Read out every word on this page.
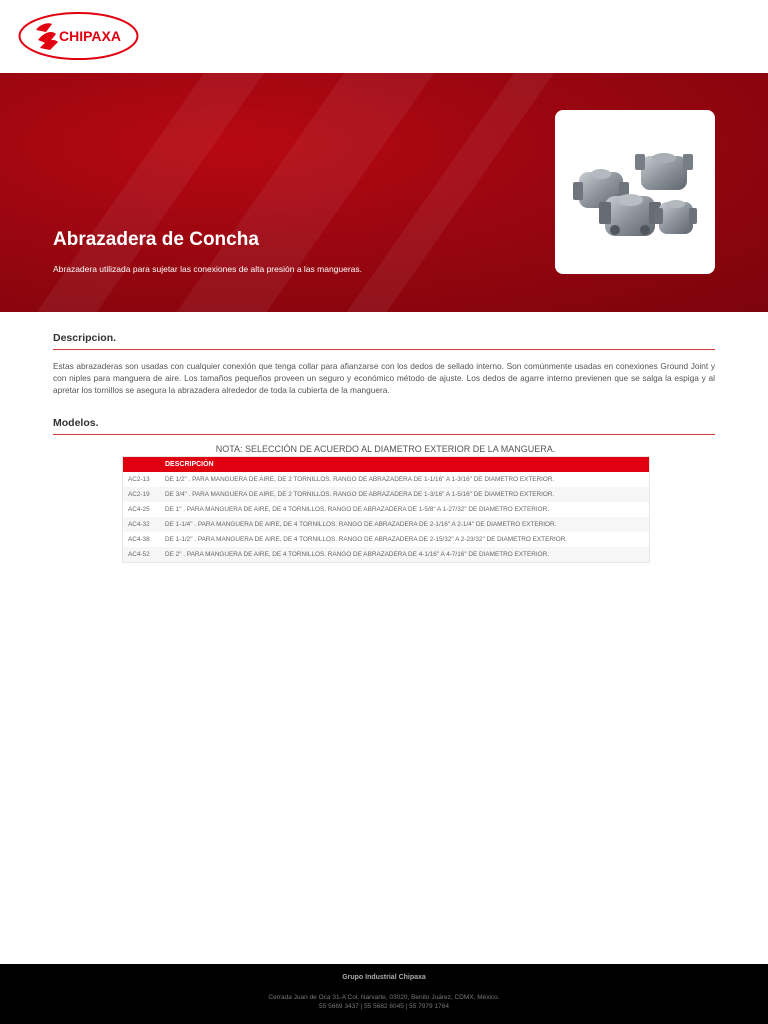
CHIPAXA
Abrazadera de Concha

Abrazadera utilizada para sujetar las conexiones de alta presión a las mangueras.

Descripcion.

Estas abrazaderas son usadas con cualquier conexión que tenga collar para afianzarse con los dedos de sellado interno. Son comúnmente usadas en conexiones Ground Joint y con niples para manguera de aire. Los tamaños pequeños proveen un seguro y económico método de ajuste. Los dedos de agarre interno previenen que se salga la espiga y al apretar los tornillos se asegura la abrazadera alrededor de toda la cubierta de la manguera.

Modelos.
NOTA: SELECCIÓN DE ACUERDO AL DIAMETRO EXTERIOR DE LA MANGUERA.
DESCRIPCIÓN
AC2-13 DE 1/2" . PARA MANGUERA DE AIRE, DE 2 TORNILLOS. RANGO DE ABRAZADERA DE 1-1/16" A 1-3/16" DE DIAMETRO EXTERIOR.
AC2-19 DE 3/4" . PARA MANGUERA DE AIRE, DE 2 TORNILLOS. RANGO DE ABRAZADERA DE 1-3/16" A 1-5/16" DE DIAMETRO EXTERIOR.
AC4-25 DE 1" . PARA MANGUERA DE AIRE, DE 4 TORNILLOS. RANGO DE ABRAZADERA DE 1-5/8" A 1-27/32" DE DIAMETRO EXTERIOR.
AC4-32 DE 1-1/4" . PARA MANGUERA DE AIRE, DE 4 TORNILLOS. RANGO DE ABRAZADERA DE 2-1/16" A 2-1/4" DE DIAMETRO EXTERIOR.
AC4-38 DE 1-1/2" . PARA MANGUERA DE AIRE, DE 4 TORNILLOS. RANGO DE ABRAZADERA DE 2-15/32" A 2-23/32" DE DIAMETRO EXTERIOR.
AC4-52 DE 2" . PARA MANGUERA DE AIRE, DE 4 TORNILLOS. RANGO DE ABRAZADERA DE 4-1/16" A 4-7/16" DE DIAMETRO EXTERIOR.
Grupo Industrial Chipaxa
Cerrada Juan de Oca 31-A Col. Narvarte, 03020, Benito Juárez, CDMX, México.
55 5669 3437 | 55 5682 6045 | 55 7979 1764
